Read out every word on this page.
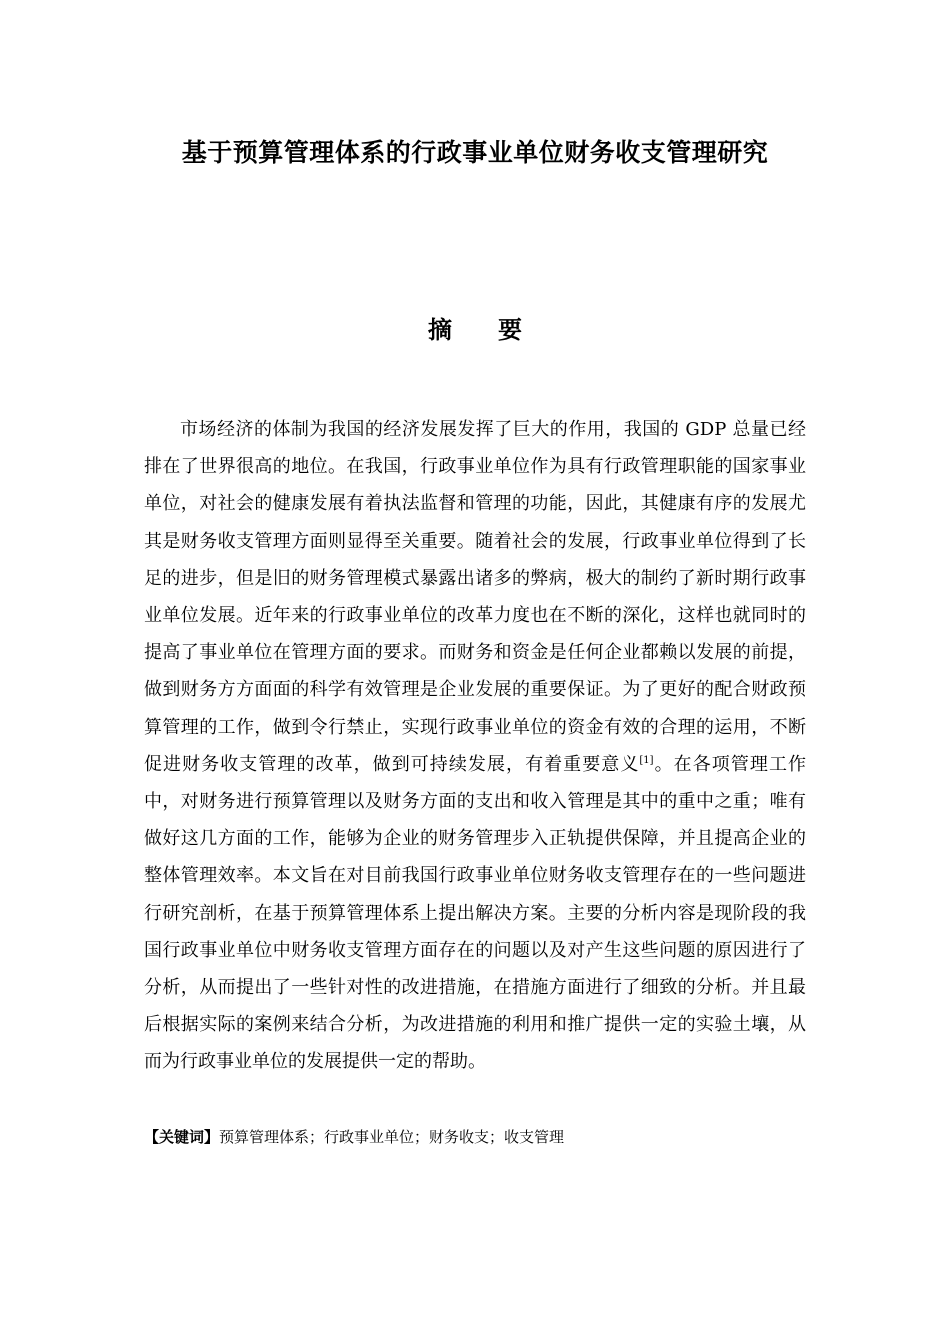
基于预算管理体系的行政事业单位财务收支管理研究
摘 要

市场经济的体制为我国的经济发展发挥了巨大的作用，我国的 GDP 总量已经排在了世界很高的地位。在我国，行政事业单位作为具有行政管理职能的国家事业单位，对社会的健康发展有着执法监督和管理的功能，因此，其健康有序的发展尤其是财务收支管理方面则显得至关重要。随着社会的发展，行政事业单位得到了长足的进步，但是旧的财务管理模式暴露出诸多的弊病，极大的制约了新时期行政事业单位发展。近年来的行政事业单位的改革力度也在不断的深化，这样也就同时的提高了事业单位在管理方面的要求。而财务和资金是任何企业都赖以发展的前提，做到财务方方面面的科学有效管理是企业发展的重要保证。为了更好的配合财政预算管理的工作，做到令行禁止，实现行政事业单位的资金有效的合理的运用，不断促进财务收支管理的改革，做到可持续发展，有着重要意义[1]。在各项管理工作中，对财务进行预算管理以及财务方面的支出和收入管理是其中的重中之重；唯有做好这几方面的工作，能够为企业的财务管理步入正轨提供保障，并且提高企业的整体管理效率。本文旨在对目前我国行政事业单位财务收支管理存在的一些问题进行研究剖析，在基于预算管理体系上提出解决方案。主要的分析内容是现阶段的我国行政事业单位中财务收支管理方面存在的问题以及对产生这些问题的原因进行了分析，从而提出了一些针对性的改进措施，在措施方面进行了细致的分析。并且最后根据实际的案例来结合分析，为改进措施的利用和推广提供一定的实验土壤，从而为行政事业单位的发展提供一定的帮助。

【关键词】预算管理体系；行政事业单位；财务收支；收支管理
